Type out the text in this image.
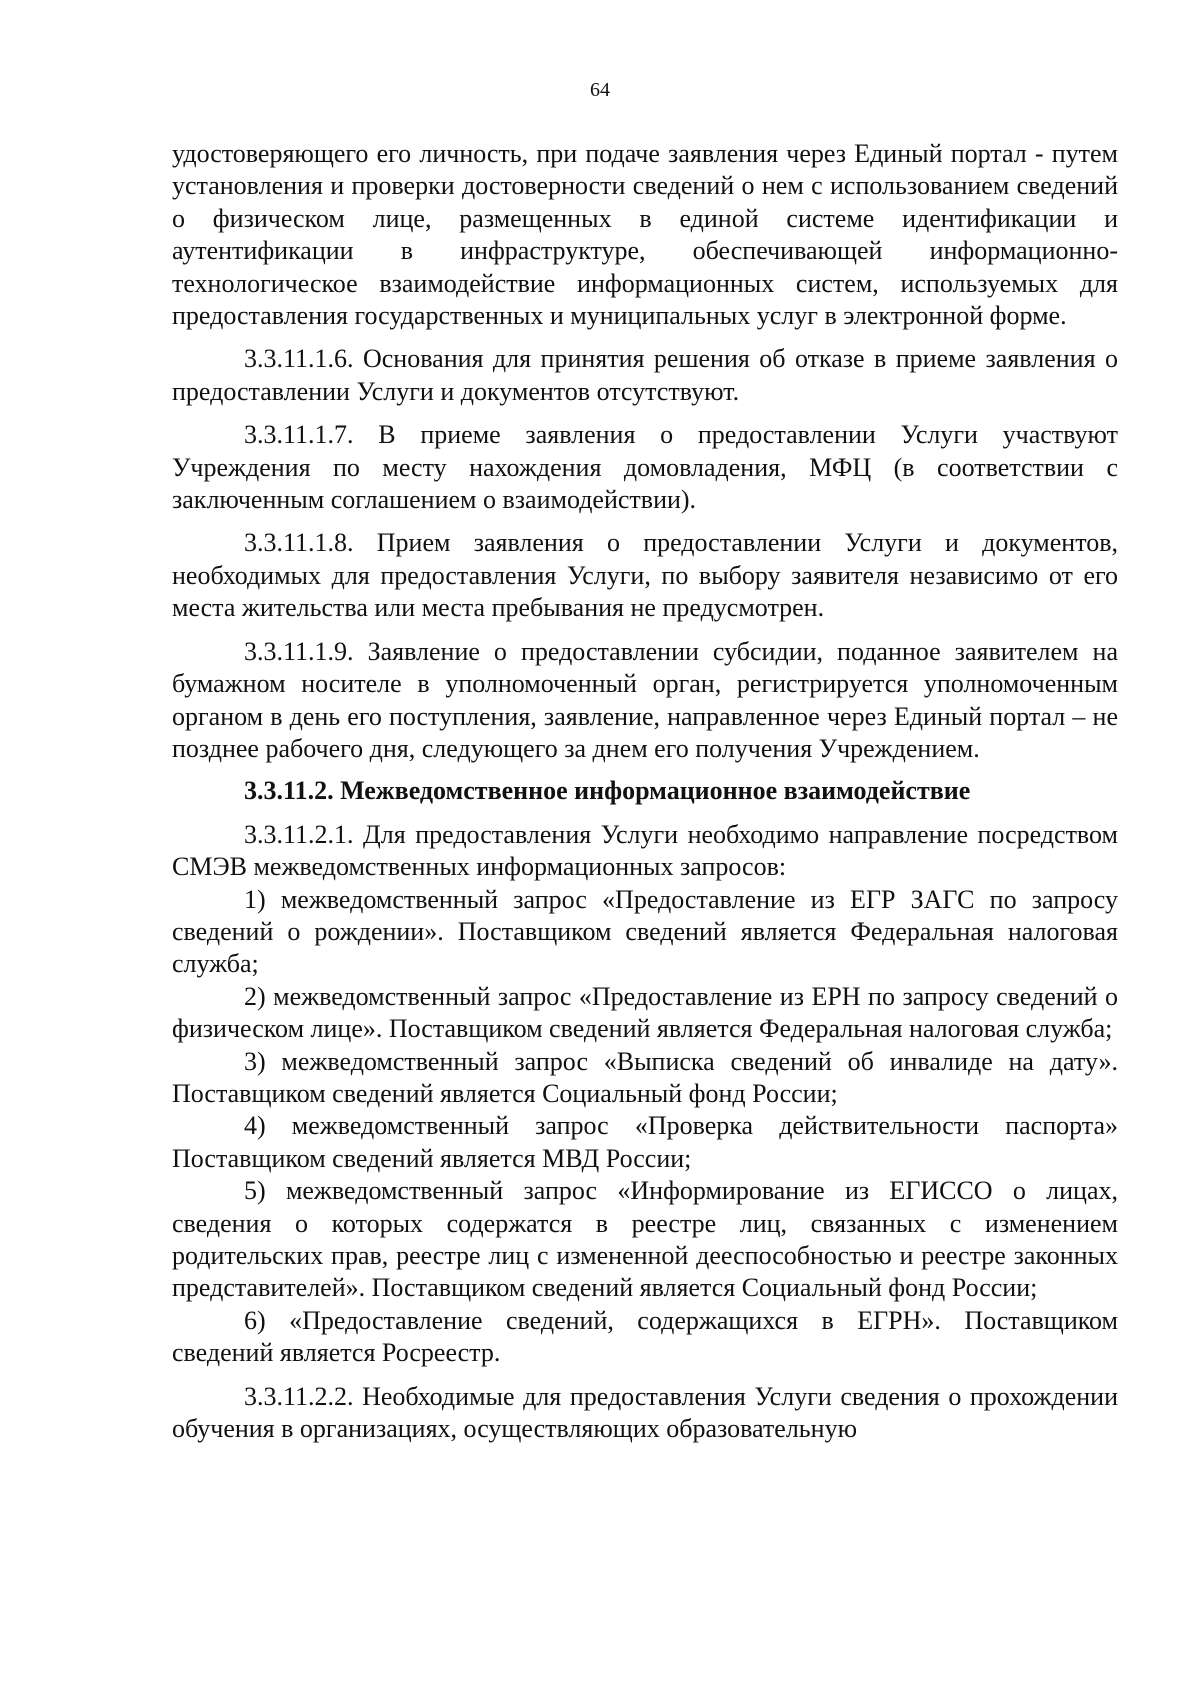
64

удостоверяющего его личность, при подаче заявления через Единый портал - путем установления и проверки достоверности сведений о нем с использованием сведений о физическом лице, размещенных в единой системе идентификации и аутентификации в инфраструктуре, обеспечивающей информационно-технологическое взаимодействие информационных систем, используемых для предоставления государственных и муниципальных услуг в электронной форме.

3.3.11.1.6. Основания для принятия решения об отказе в приеме заявления о предоставлении Услуги и документов отсутствуют.

3.3.11.1.7. В приеме заявления о предоставлении Услуги участвуют Учреждения по месту нахождения домовладения, МФЦ (в соответствии с заключенным соглашением о взаимодействии).

3.3.11.1.8. Прием заявления о предоставлении Услуги и документов, необходимых для предоставления Услуги, по выбору заявителя независимо от его места жительства или места пребывания не предусмотрен.

3.3.11.1.9. Заявление о предоставлении субсидии, поданное заявителем на бумажном носителе в уполномоченный орган, регистрируется уполномоченным органом в день его поступления, заявление, направленное через Единый портал – не позднее рабочего дня, следующего за днем его получения Учреждением.

3.3.11.2. Межведомственное информационное взаимодействие

3.3.11.2.1. Для предоставления Услуги необходимо направление посредством СМЭВ межведомственных информационных запросов:

1) межведомственный запрос «Предоставление из ЕГР ЗАГС по запросу сведений о рождении». Поставщиком сведений является Федеральная налоговая служба;

2) межведомственный запрос «Предоставление из ЕРН по запросу сведений о физическом лице». Поставщиком сведений является Федеральная налоговая служба;

3) межведомственный запрос «Выписка сведений об инвалиде на дату». Поставщиком сведений является Социальный фонд России;

4) межведомственный запрос «Проверка действительности паспорта» Поставщиком сведений является МВД России;

5) межведомственный запрос «Информирование из ЕГИССО о лицах, сведения о которых содержатся в реестре лиц, связанных с изменением родительских прав, реестре лиц с измененной дееспособностью и реестре законных представителей». Поставщиком сведений является Социальный фонд России;

6) «Предоставление сведений, содержащихся в ЕГРН». Поставщиком сведений является Росреестр.

3.3.11.2.2. Необходимые для предоставления Услуги сведения о прохождении обучения в организациях, осуществляющих образовательную
